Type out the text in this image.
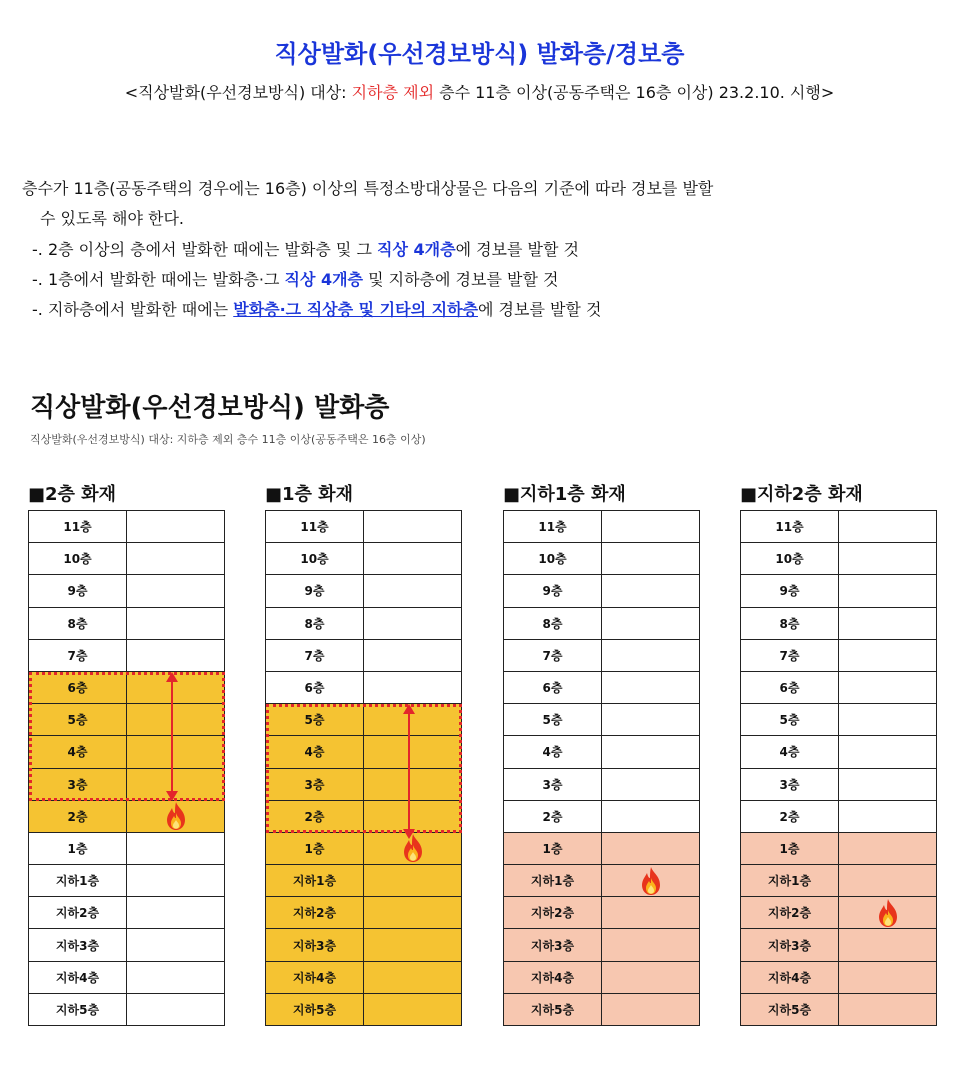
직상발화(우선경보방식) 발화층/경보층
<직상발화(우선경보방식) 대상: 지하층 제외 층수 11층 이상(공동주택은 16층 이상) 23.2.10. 시행>
층수가 11층(공동주택의 경우에는 16층) 이상의 특정소방대상물은 다음의 기준에 따라 경보를 발할
수 있도록 해야 한다.
-. 2층 이상의 층에서 발화한 때에는 발화층 및 그 직상 4개층에 경보를 발할 것
-. 1층에서 발화한 때에는 발화층·그 직상 4개층 및 지하층에 경보를 발할 것
-. 지하층에서 발화한 때에는 발화층·그 직상층 및 기타의 지하층에 경보를 발할 것
직상발화(우선경보방식) 발화층
직상발화(우선경보방식) 대상: 지하층 제외 층수 11층 이상(공동주택은 16층 이상)
■2층 화재
11층
10층
9층
8층
7층
6층
5층
4층
3층
2층
1층
지하1층
지하2층
지하3층
지하4층
지하5층
■1층 화재
11층
10층
9층
8층
7층
6층
5층
4층
3층
2층
1층
지하1층
지하2층
지하3층
지하4층
지하5층
■지하1층 화재
11층
10층
9층
8층
7층
6층
5층
4층
3층
2층
1층
지하1층
지하2층
지하3층
지하4층
지하5층
■지하2층 화재
11층
10층
9층
8층
7층
6층
5층
4층
3층
2층
1층
지하1층
지하2층
지하3층
지하4층
지하5층
